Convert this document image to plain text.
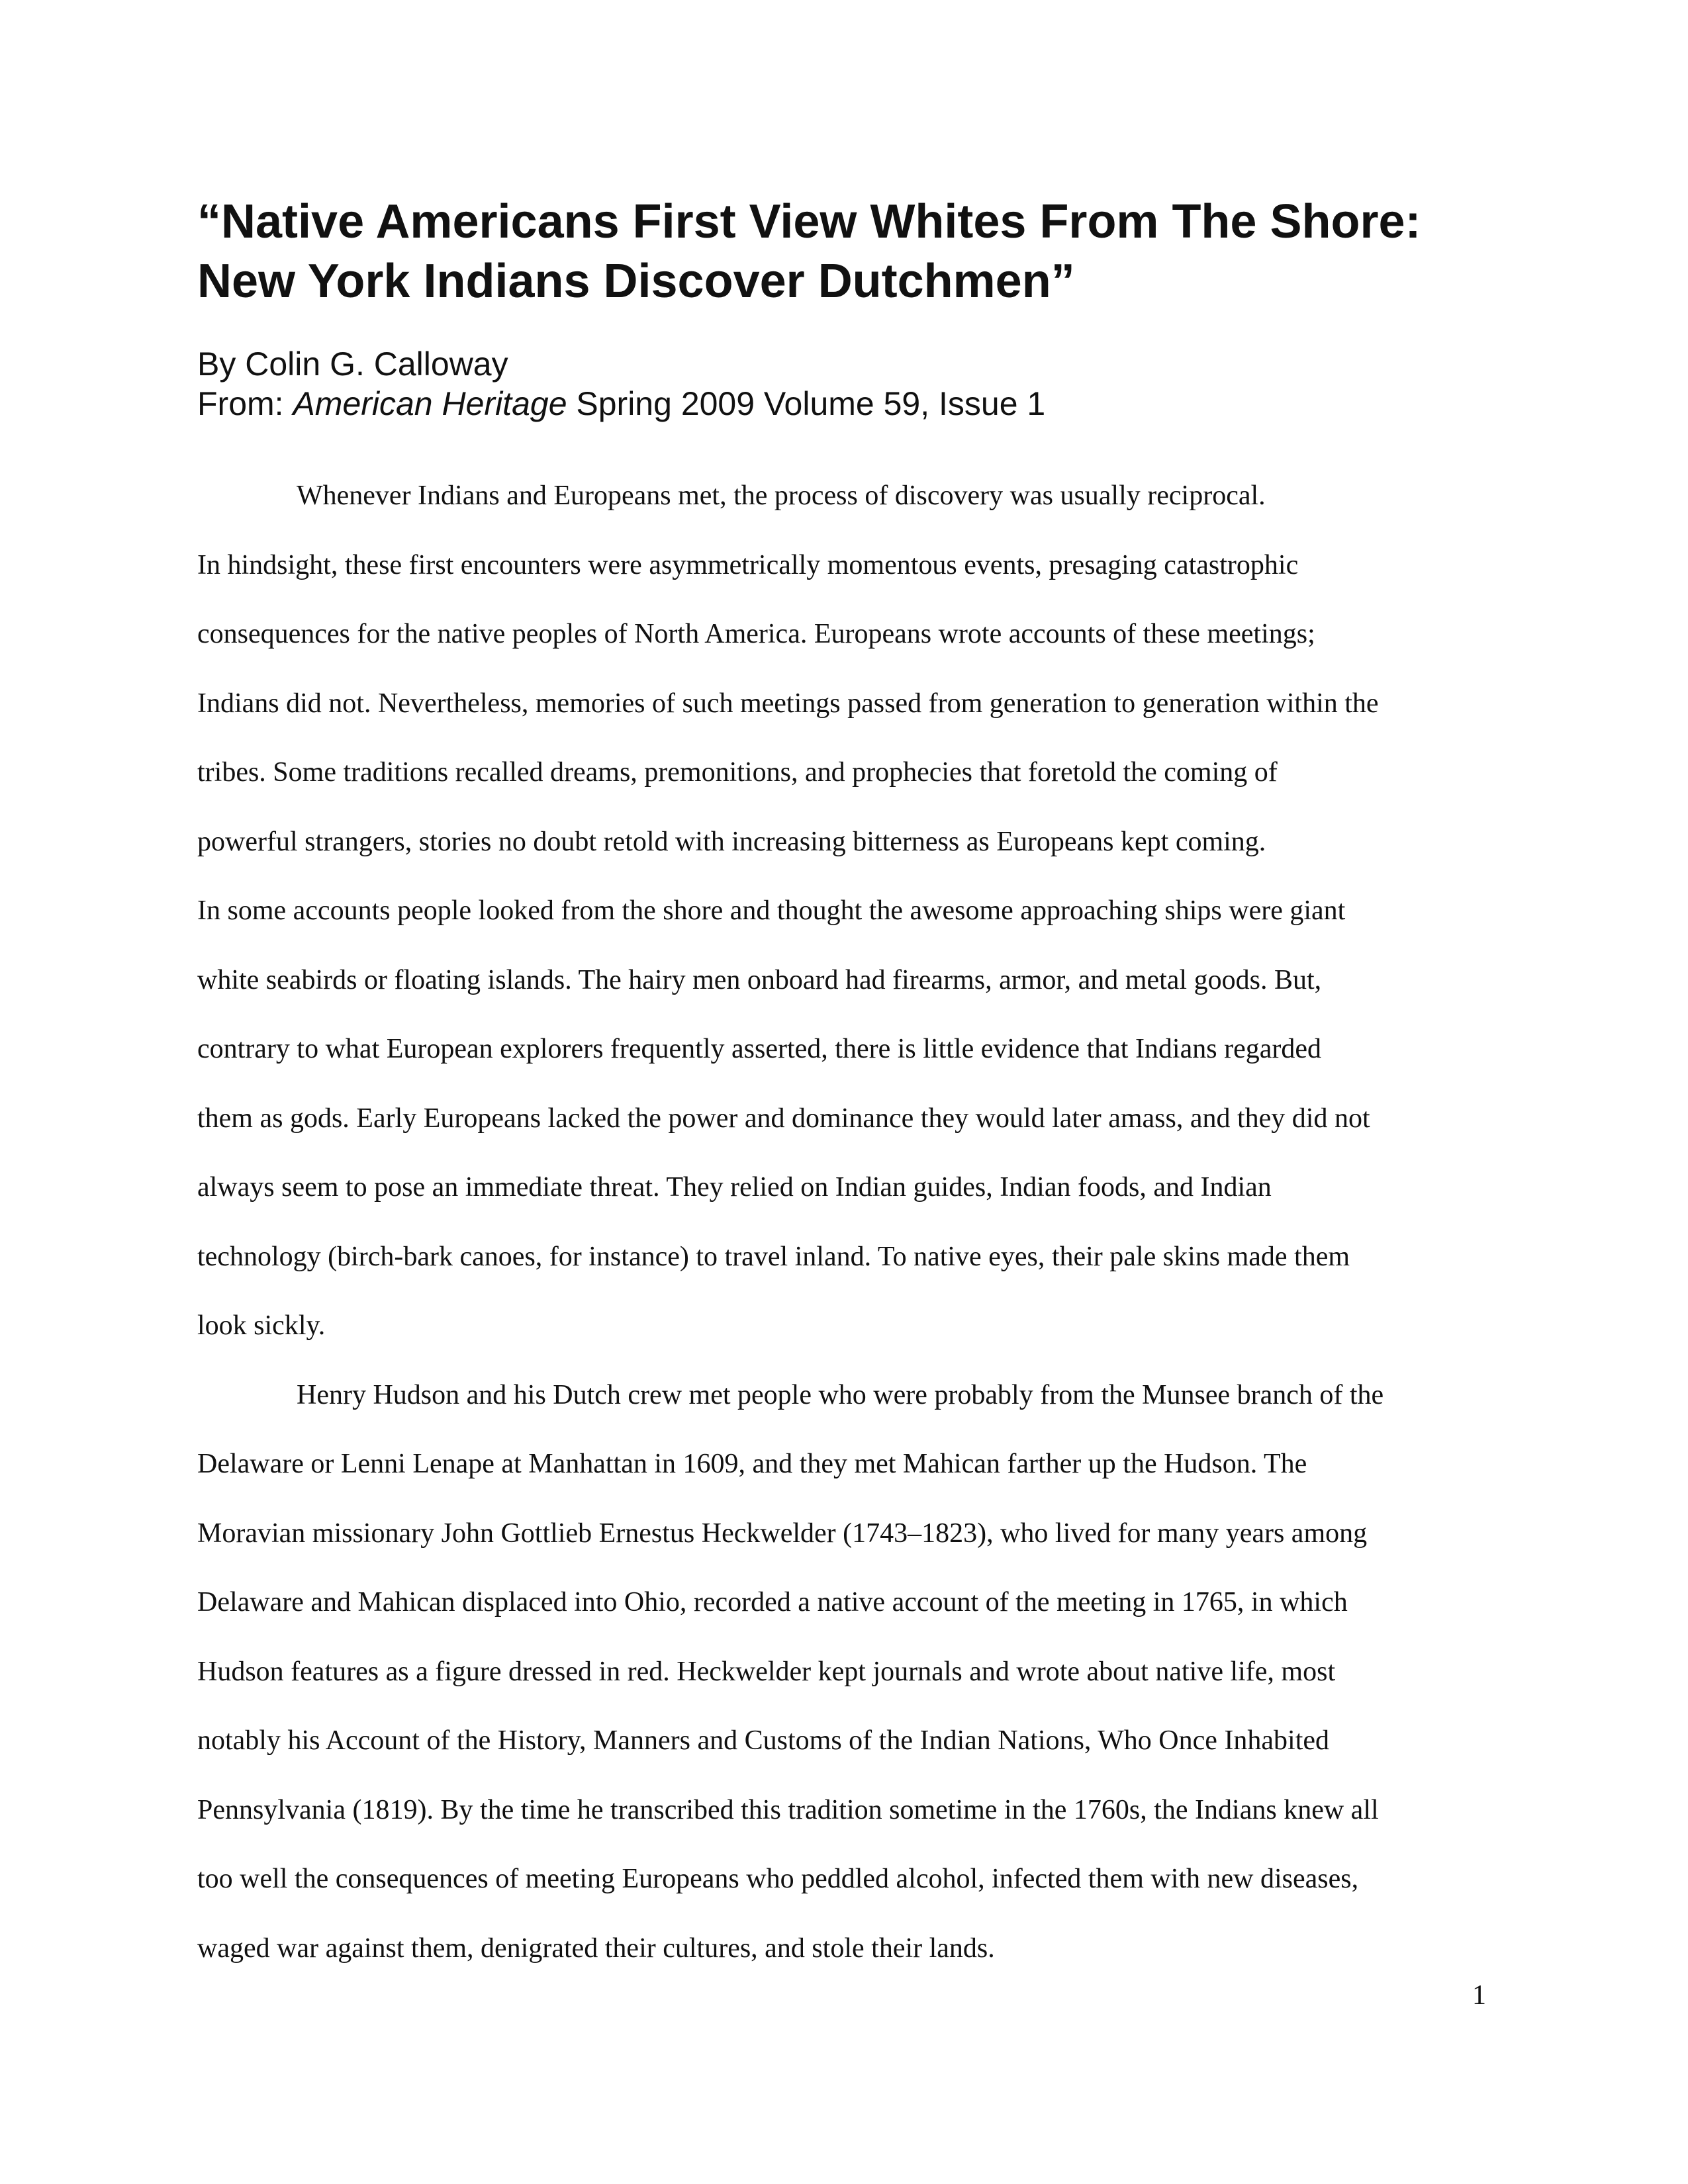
“Native Americans First View Whites From The Shore:
New York Indians Discover Dutchmen”
By Colin G. Calloway
From: American Heritage Spring 2009 Volume 59, Issue 1
Whenever Indians and Europeans met, the process of discovery was usually reciprocal.
In hindsight, these first encounters were asymmetrically momentous events, presaging catastrophic
consequences for the native peoples of North America. Europeans wrote accounts of these meetings;
Indians did not. Nevertheless, memories of such meetings passed from generation to generation within the
tribes. Some traditions recalled dreams, premonitions, and prophecies that foretold the coming of
powerful strangers, stories no doubt retold with increasing bitterness as Europeans kept coming.
In some accounts people looked from the shore and thought the awesome approaching ships were giant
white seabirds or floating islands. The hairy men onboard had firearms, armor, and metal goods. But,
contrary to what European explorers frequently asserted, there is little evidence that Indians regarded
them as gods. Early Europeans lacked the power and dominance they would later amass, and they did not
always seem to pose an immediate threat. They relied on Indian guides, Indian foods, and Indian
technology (birch-bark canoes, for instance) to travel inland. To native eyes, their pale skins made them
look sickly.
Henry Hudson and his Dutch crew met people who were probably from the Munsee branch of the
Delaware or Lenni Lenape at Manhattan in 1609, and they met Mahican farther up the Hudson. The
Moravian missionary John Gottlieb Ernestus Heckwelder (1743–1823), who lived for many years among
Delaware and Mahican displaced into Ohio, recorded a native account of the meeting in 1765, in which
Hudson features as a figure dressed in red. Heckwelder kept journals and wrote about native life, most
notably his Account of the History, Manners and Customs of the Indian Nations, Who Once Inhabited
Pennsylvania (1819). By the time he transcribed this tradition sometime in the 1760s, the Indians knew all
too well the consequences of meeting Europeans who peddled alcohol, infected them with new diseases,
waged war against them, denigrated their cultures, and stole their lands.
1
